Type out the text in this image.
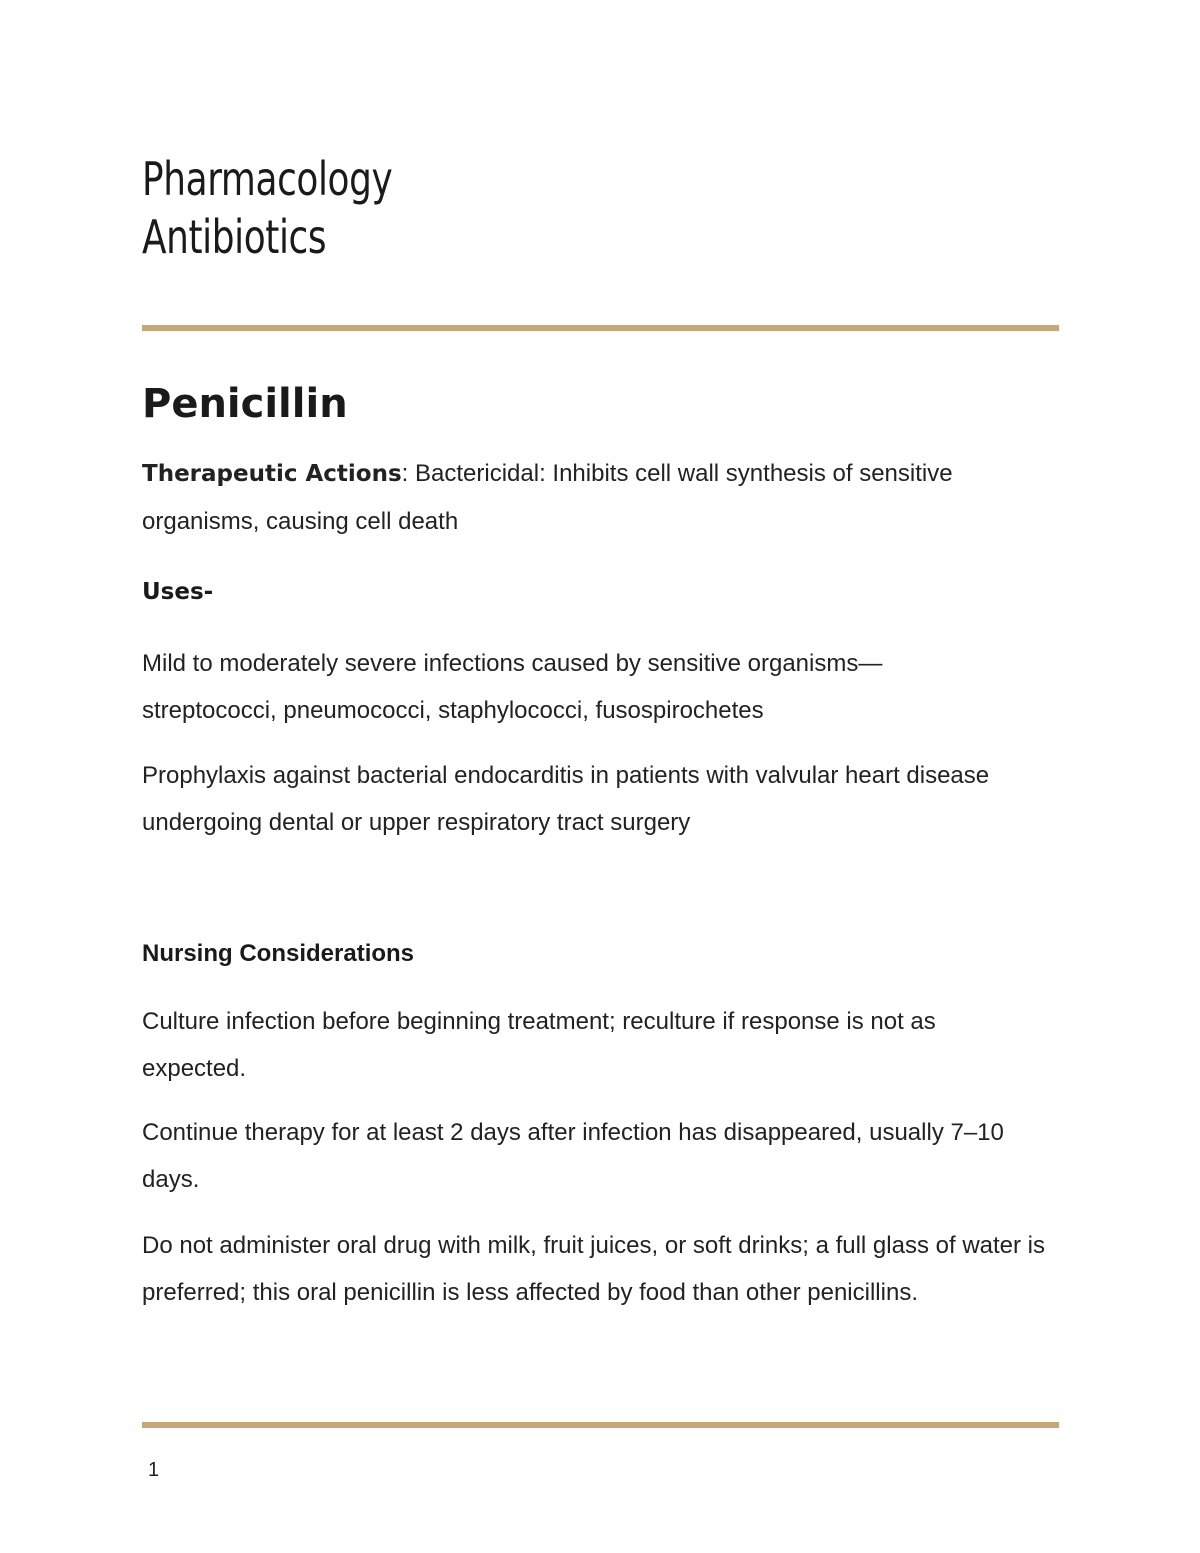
Pharmacology
Antibiotics
Penicillin

Therapeutic Actions: Bactericidal: Inhibits cell wall synthesis of sensitive organisms, causing cell death

Uses-

Mild to moderately severe infections caused by sensitive organisms—streptococci, pneumococci, staphylococci, fusospirochetes

Prophylaxis against bacterial endocarditis in patients with valvular heart disease undergoing dental or upper respiratory tract surgery

Nursing Considerations

Culture infection before beginning treatment; reculture if response is not as expected.

Continue therapy for at least 2 days after infection has disappeared, usually 7–10 days.

Do not administer oral drug with milk, fruit juices, or soft drinks; a full glass of water is preferred; this oral penicillin is less affected by food than other penicillins.

1
